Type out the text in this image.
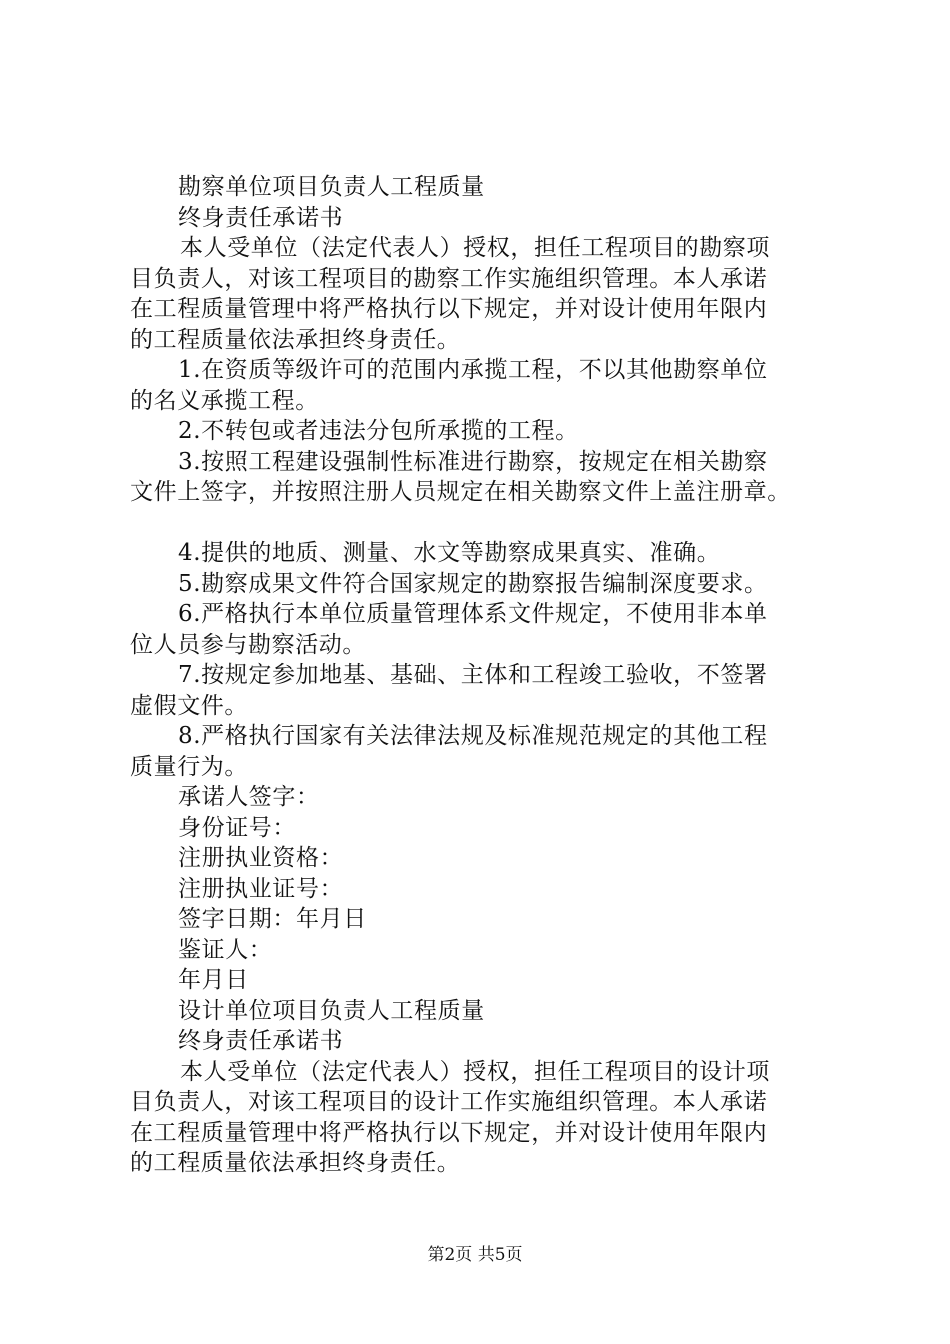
勘察单位项目负责人工程质量
终身责任承诺书
本人受单位（法定代表人）授权，担任工程项目的勘察项
目负责人，对该工程项目的勘察工作实施组织管理。本人承诺
在工程质量管理中将严格执行以下规定，并对设计使用年限内
的工程质量依法承担终身责任。
1.在资质等级许可的范围内承揽工程，不以其他勘察单位
的名义承揽工程。
2.不转包或者违法分包所承揽的工程。
3.按照工程建设强制性标准进行勘察，按规定在相关勘察
文件上签字，并按照注册人员规定在相关勘察文件上盖注册章。
4.提供的地质、测量、水文等勘察成果真实、准确。
5.勘察成果文件符合国家规定的勘察报告编制深度要求。
6.严格执行本单位质量管理体系文件规定，不使用非本单
位人员参与勘察活动。
7.按规定参加地基、基础、主体和工程竣工验收，不签署
虚假文件。
8.严格执行国家有关法律法规及标准规范规定的其他工程
质量行为。
承诺人签字：
身份证号：
注册执业资格：
注册执业证号：
签字日期：年月日
鉴证人：
年月日
设计单位项目负责人工程质量
终身责任承诺书
本人受单位（法定代表人）授权，担任工程项目的设计项
目负责人，对该工程项目的设计工作实施组织管理。本人承诺
在工程质量管理中将严格执行以下规定，并对设计使用年限内
的工程质量依法承担终身责任。
第2页 共5页
